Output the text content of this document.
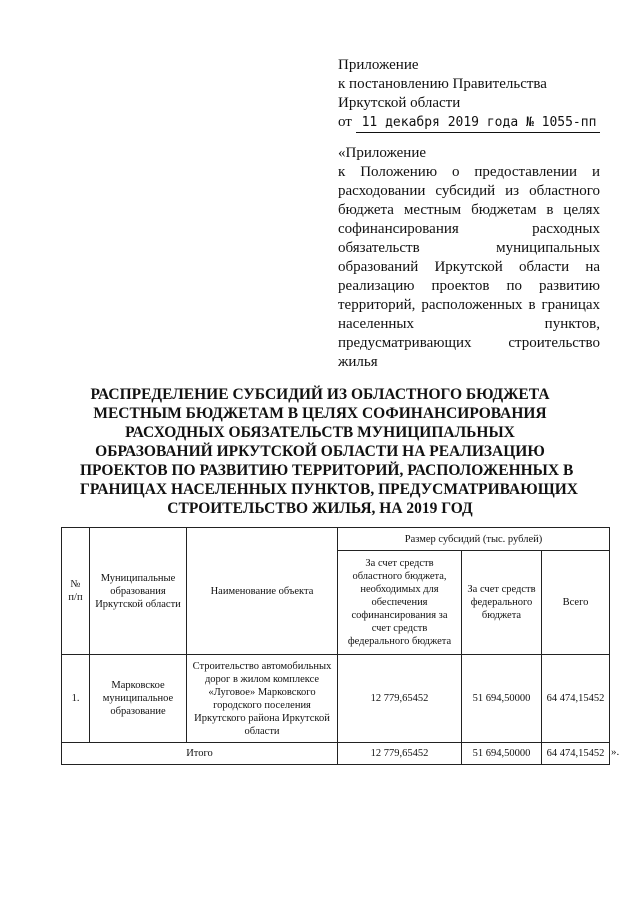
Приложение
к постановлению Правительства
Иркутской области
от 11 декабря 2019 года № 1055-пп
«Приложение
к Положению о предоставлении и
расходовании субсидий из областного
бюджета местным бюджетам в целях
софинансирования расходных
обязательств муниципальных
образований Иркутской области на
реализацию проектов по развитию
территорий, расположенных в границах
населенных пунктов,
предусматривающих строительство
жилья
РАСПРЕДЕЛЕНИЕ СУБСИДИЙ ИЗ ОБЛАСТНОГО БЮДЖЕТА
МЕСТНЫМ БЮДЖЕТАМ В ЦЕЛЯХ СОФИНАНСИРОВАНИЯ
РАСХОДНЫХ ОБЯЗАТЕЛЬСТВ МУНИЦИПАЛЬНЫХ
ОБРАЗОВАНИЙ ИРКУТСКОЙ ОБЛАСТИ НА РЕАЛИЗАЦИЮ
ПРОЕКТОВ ПО РАЗВИТИЮ ТЕРРИТОРИЙ, РАСПОЛОЖЕННЫХ В
ГРАНИЦАХ НАСЕЛЕННЫХ ПУНКТОВ, ПРЕДУСМАТРИВАЮЩИХ
СТРОИТЕЛЬСТВО ЖИЛЬЯ, НА 2019 ГОД
№ п/п	Муниципальные образования Иркутской области	Наименование объекта	Размер субсидий (тыс. рублей)		
			За счет средств областного бюджета, необходимых для обеспечения софинансирования за счет средств федерального бюджета	За счет средств федерального бюджета	Всего
1.	Марковское муниципальное образование	Строительство автомобильных дорог в жилом комплексе «Луговое» Марковского городского поселения Иркутского района Иркутской области	12 779,65452	51 694,50000	64 474,15452
Итого			12 779,65452	51 694,50000	64 474,15452 ».
